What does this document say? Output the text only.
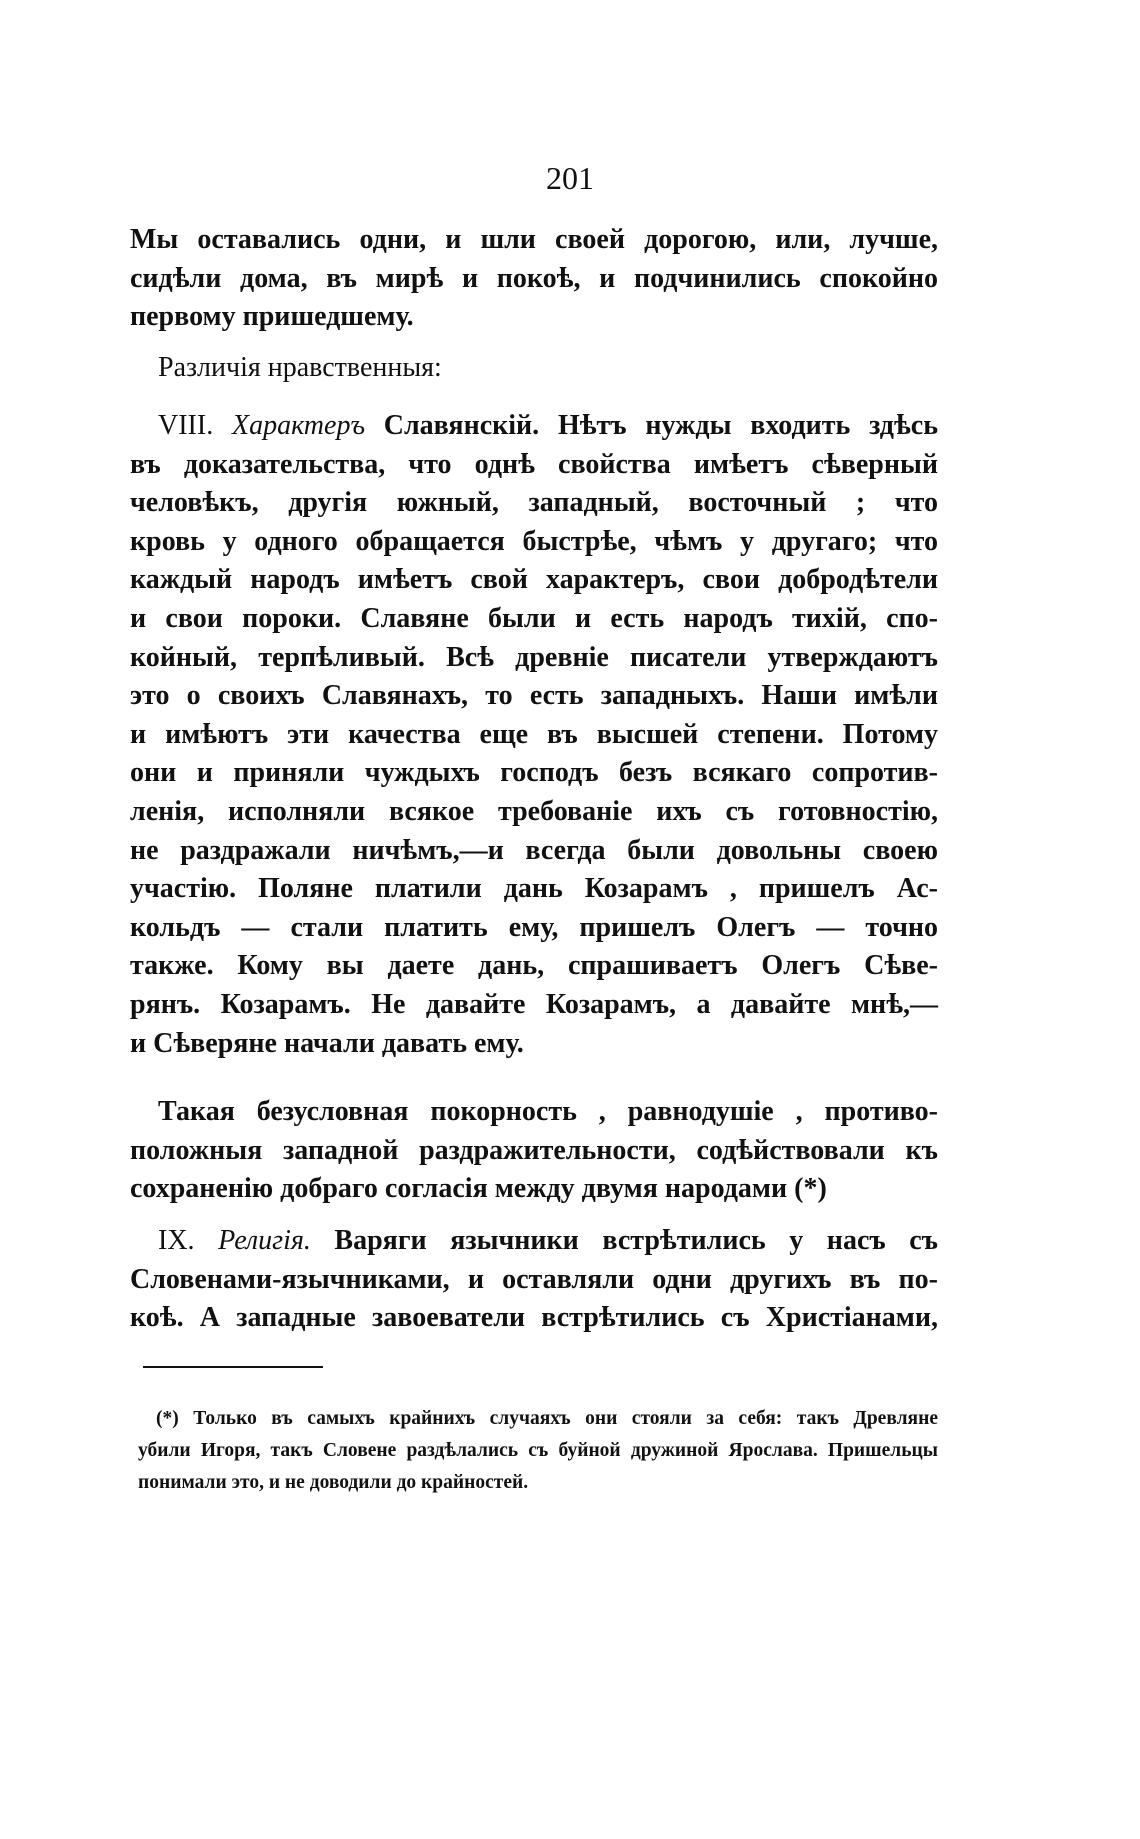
201
Мы оставались одни, и шли своей дорогою, или, лучше,
сидѣли дома, въ мирѣ и покоѣ, и подчинились спокойно
первому пришедшему.
Различія нравственныя:
VIII. Характеръ Славянскій. Нѣтъ нужды входить здѣсь
въ доказательства, что однѣ свойства имѣетъ сѣверный
человѣкъ, другія южный, западный, восточный ; что
кровь у одного обращается быстрѣе, чѣмъ у другаго; что
каждый народъ имѣетъ свой характеръ, свои добродѣтели
и свои пороки. Славяне были и есть народъ тихій, спо-
койный, терпѣливый. Всѣ древніе писатели утверждаютъ
это о своихъ Славянахъ, то есть западныхъ. Наши имѣли
и имѣютъ эти качества еще въ высшей степени. Потому
они и приняли чуждыхъ господъ безъ всякаго сопротив-
ленія, исполняли всякое требованіе ихъ съ готовностію,
не раздражали ничѣмъ,—и всегда были довольны своею
участію. Поляне платили дань Козарамъ , пришелъ Ас-
кольдъ — стали платить ему, пришелъ Олегъ — точно
также. Кому вы даете дань, спрашиваетъ Олегъ Сѣве-
рянъ. Козарамъ. Не давайте Козарамъ, а давайте мнѣ,—
и Сѣверяне начали давать ему.
Такая безусловная покорность , равнодушіе , противо-
положныя западной раздражительности, содѣйствовали къ
сохраненію добраго согласія между двумя народами (*)
IX. Религія. Варяги язычники встрѣтились у насъ съ
Словенами-язычниками, и оставляли одни другихъ въ по-
коѣ. А западные завоеватели встрѣтились съ Христіанами,
(*) Только въ самыхъ крайнихъ случаяхъ они стояли за себя: такъ Древляне
убили Игоря, такъ Словене раздѣлались съ буйной дружиной Ярослава. Пришельцы
понимали это, и не доводили до крайностей.
